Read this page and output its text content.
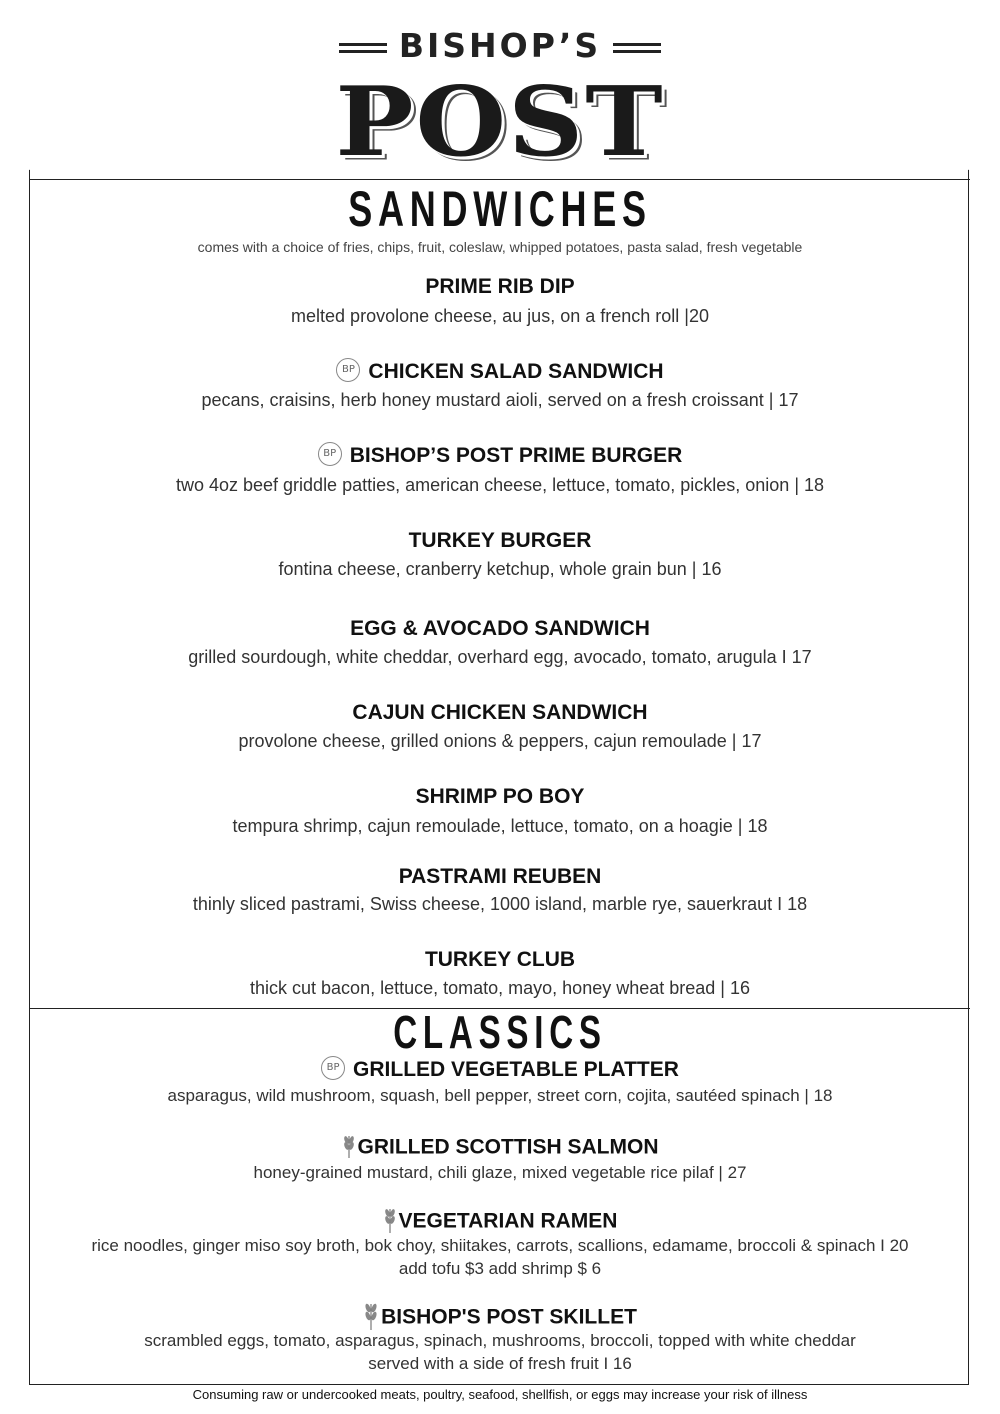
BISHOP’S
POST
SANDWICHES
comes with a choice of fries, chips, fruit, coleslaw, whipped potatoes, pasta salad, fresh vegetable
PRIME RIB DIP
melted provolone cheese, au jus, on a french roll |20
BP CHICKEN SALAD SANDWICH
pecans, craisins, herb honey mustard aioli, served on a fresh croissant | 17
BP BISHOP’S POST PRIME BURGER
two 4oz beef griddle patties, american cheese, lettuce, tomato, pickles, onion | 18
TURKEY BURGER
fontina cheese, cranberry ketchup, whole grain bun | 16
EGG & AVOCADO SANDWICH
grilled sourdough, white cheddar, overhard egg, avocado, tomato, arugula I 17
CAJUN CHICKEN SANDWICH
provolone cheese, grilled onions & peppers, cajun remoulade | 17
SHRIMP PO BOY
tempura shrimp, cajun remoulade, lettuce, tomato, on a hoagie | 18
PASTRAMI REUBEN
thinly sliced pastrami, Swiss cheese, 1000 island, marble rye, sauerkraut I 18
TURKEY CLUB
thick cut bacon, lettuce, tomato, mayo, honey wheat bread | 16
CLASSICS
BP GRILLED VEGETABLE PLATTER
asparagus, wild mushroom, squash, bell pepper, street corn, cojita, sautéed spinach | 18
GRILLED SCOTTISH SALMON
honey-grained mustard, chili glaze, mixed vegetable rice pilaf | 27
VEGETARIAN RAMEN
rice noodles, ginger miso soy broth, bok choy, shiitakes, carrots, scallions, edamame, broccoli & spinach I 20
add tofu $3 add shrimp $ 6
BISHOP'S POST SKILLET
scrambled eggs, tomato, asparagus, spinach, mushrooms, broccoli, topped with white cheddar
served with a side of fresh fruit I 16
Consuming raw or undercooked meats, poultry, seafood, shellfish, or eggs may increase your risk of illness
